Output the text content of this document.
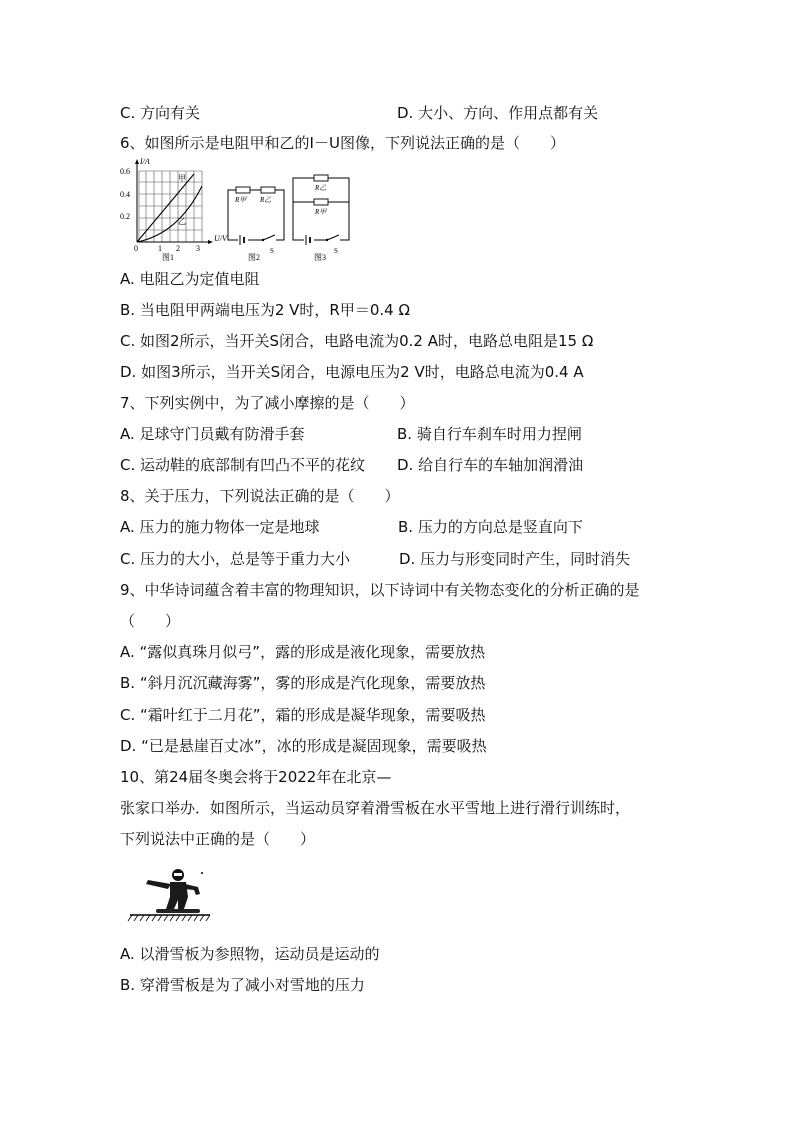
C. 方向有关	D. 大小、方向、作用点都有关
6、如图所示是电阻甲和乙的I－U图像，下列说法正确的是（　　）
I/A
U/V
0.6
0.4
0.2
0	1 2 3
甲
乙
图1
R甲 R乙
S
图2
R乙
R甲
S
图3
A. 电阻乙为定值电阻
B. 当电阻甲两端电压为2 V时，R甲＝0.4 Ω
C. 如图2所示，当开关S闭合，电路电流为0.2 A时，电路总电阻是15 Ω
D. 如图3所示，当开关S闭合，电源电压为2 V时，电路总电流为0.4 A
7、下列实例中，为了减小摩擦的是（　　）
A. 足球守门员戴有防滑手套	B. 骑自行车刹车时用力捏闸
C. 运动鞋的底部制有凹凸不平的花纹 D. 给自行车的车轴加润滑油
8、关于压力，下列说法正确的是（　　）
A. 压力的施力物体一定是地球	B. 压力的方向总是竖直向下
C. 压力的大小，总是等于重力大小	D. 压力与形变同时产生，同时消失
9、中华诗词蕴含着丰富的物理知识，以下诗词中有关物态变化的分析正确的是
（　　）
A. “露似真珠月似弓”，露的形成是液化现象，需要放热
B. “斜月沉沉藏海雾”，雾的形成是汽化现象，需要放热
C. “霜叶红于二月花”，霜的形成是凝华现象，需要吸热
D. “已是悬崖百丈冰”，冰的形成是凝固现象，需要吸热
10、第24届冬奥会将于2022年在北京—
张家口举办．如图所示，当运动员穿着滑雪板在水平雪地上进行滑行训练时，
下列说法中正确的是（　　）
A. 以滑雪板为参照物，运动员是运动的
B. 穿滑雪板是为了减小对雪地的压力
